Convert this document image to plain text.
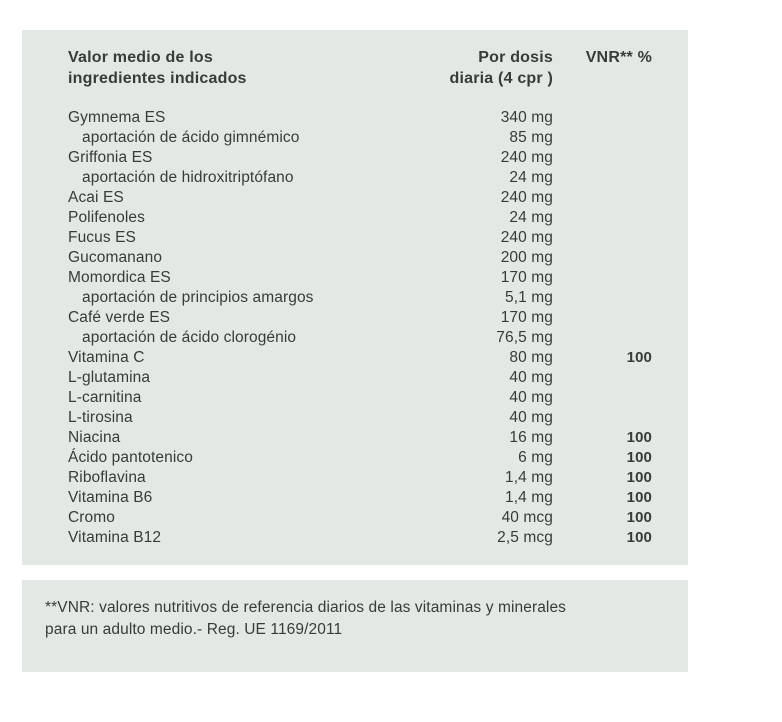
Valor medio de los
ingredientes indicados
Por dosis
diaria (4 cpr )
VNR** %
Gymnema ES	340 mg
aportación de ácido gimnémico	85 mg
Griffonia ES	240 mg
aportación de hidroxitriptófano	24 mg
Acai ES	240 mg
Polifenoles	24 mg
Fucus ES	240 mg
Gucomanano	200 mg
Momordica ES	170 mg
aportación de principios amargos	5,1 mg
Café verde ES	170 mg
aportación de ácido clorogénio	76,5 mg
Vitamina C	80 mg	100
L-glutamina	40 mg
L-carnitina	40 mg
L-tirosina	40 mg
Niacina	16 mg	100
Ácido pantotenico	6 mg	100
Riboflavina	1,4 mg	100
Vitamina B6	1,4 mg	100
Cromo	40 mcg	100
Vitamina B12	2,5 mcg	100
**VNR: valores nutritivos de referencia diarios de las vitaminas y minerales
para un adulto medio.- Reg. UE 1169/2011
